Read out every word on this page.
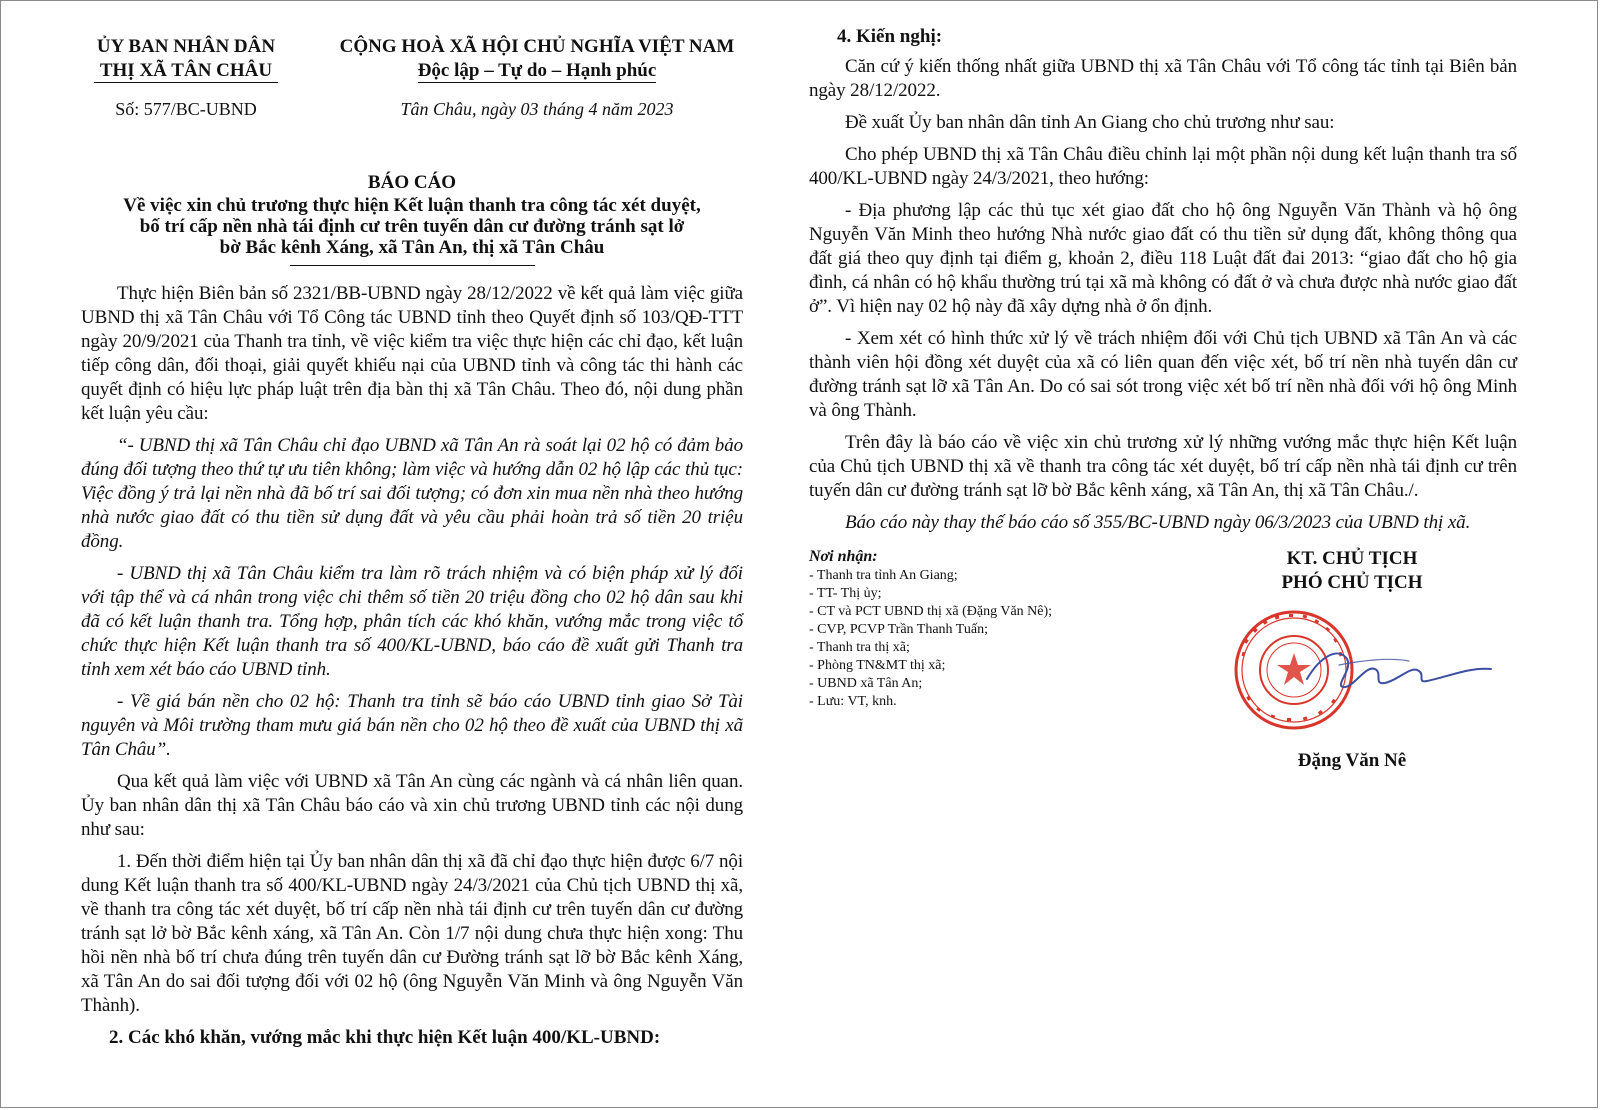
ỦY BAN NHÂN DÂN
THỊ XÃ TÂN CHÂU
Số: 577/BC-UBND
CỘNG HOÀ XÃ HỘI CHỦ NGHĨA VIỆT NAM
Độc lập – Tự do – Hạnh phúc
Tân Châu, ngày 03 tháng 4 năm 2023
BÁO CÁO
Về việc xin chủ trương thực hiện Kết luận thanh tra công tác xét duyệt,
bố trí cấp nền nhà tái định cư trên tuyến dân cư đường tránh sạt lở
bờ Bắc kênh Xáng, xã Tân An, thị xã Tân Châu

Thực hiện Biên bản số 2321/BB-UBND ngày 28/12/2022 về kết quả làm việc giữa UBND thị xã Tân Châu với Tổ Công tác UBND tỉnh theo Quyết định số 103/QĐ-TTT ngày 20/9/2021 của Thanh tra tỉnh, về việc kiểm tra việc thực hiện các chỉ đạo, kết luận tiếp công dân, đối thoại, giải quyết khiếu nại của UBND tỉnh và công tác thi hành các quyết định có hiệu lực pháp luật trên địa bàn thị xã Tân Châu. Theo đó, nội dung phần kết luận yêu cầu:

“- UBND thị xã Tân Châu chỉ đạo UBND xã Tân An rà soát lại 02 hộ có đảm bảo đúng đối tượng theo thứ tự ưu tiên không; làm việc và hướng dẫn 02 hộ lập các thủ tục: Việc đồng ý trả lại nền nhà đã bố trí sai đối tượng; có đơn xin mua nền nhà theo hướng nhà nước giao đất có thu tiền sử dụng đất và yêu cầu phải hoàn trả số tiền 20 triệu đồng.

- UBND thị xã Tân Châu kiểm tra làm rõ trách nhiệm và có biện pháp xử lý đối với tập thể và cá nhân trong việc chi thêm số tiền 20 triệu đồng cho 02 hộ dân sau khi đã có kết luận thanh tra. Tổng hợp, phân tích các khó khăn, vướng mắc trong việc tổ chức thực hiện Kết luận thanh tra số 400/KL-UBND, báo cáo đề xuất gửi Thanh tra tỉnh xem xét báo cáo UBND tỉnh.

- Về giá bán nền cho 02 hộ: Thanh tra tỉnh sẽ báo cáo UBND tỉnh giao Sở Tài nguyên và Môi trường tham mưu giá bán nền cho 02 hộ theo đề xuất của UBND thị xã Tân Châu”.

Qua kết quả làm việc với UBND xã Tân An cùng các ngành và cá nhân liên quan. Ủy ban nhân dân thị xã Tân Châu báo cáo và xin chủ trương UBND tỉnh các nội dung như sau:

1. Đến thời điểm hiện tại Ủy ban nhân dân thị xã đã chỉ đạo thực hiện được 6/7 nội dung Kết luận thanh tra số 400/KL-UBND ngày 24/3/2021 của Chủ tịch UBND thị xã, về thanh tra công tác xét duyệt, bố trí cấp nền nhà tái định cư trên tuyến dân cư đường tránh sạt lở bờ Bắc kênh xáng, xã Tân An. Còn 1/7 nội dung chưa thực hiện xong: Thu hồi nền nhà bố trí chưa đúng trên tuyến dân cư Đường tránh sạt lỡ bờ Bắc kênh Xáng, xã Tân An do sai đối tượng đối với 02 hộ (ông Nguyễn Văn Minh và ông Nguyễn Văn Thành).

2. Các khó khăn, vướng mắc khi thực hiện Kết luận 400/KL-UBND:
4. Kiến nghị:

Căn cứ ý kiến thống nhất giữa UBND thị xã Tân Châu với Tổ công tác tỉnh tại Biên bản ngày 28/12/2022.

Đề xuất Ủy ban nhân dân tỉnh An Giang cho chủ trương như sau:

Cho phép UBND thị xã Tân Châu điều chỉnh lại một phần nội dung kết luận thanh tra số 400/KL-UBND ngày 24/3/2021, theo hướng:

- Địa phương lập các thủ tục xét giao đất cho hộ ông Nguyễn Văn Thành và hộ ông Nguyễn Văn Minh theo hướng Nhà nước giao đất có thu tiền sử dụng đất, không thông qua đất giá theo quy định tại điểm g, khoản 2, điều 118 Luật đất đai 2013: “giao đất cho hộ gia đình, cá nhân có hộ khẩu thường trú tại xã mà không có đất ở và chưa được nhà nước giao đất ở”. Vì hiện nay 02 hộ này đã xây dựng nhà ở ổn định.

- Xem xét có hình thức xử lý về trách nhiệm đối với Chủ tịch UBND xã Tân An và các thành viên hội đồng xét duyệt của xã có liên quan đến việc xét, bố trí nền nhà tuyến dân cư đường tránh sạt lỡ xã Tân An. Do có sai sót trong việc xét bố trí nền nhà đối với hộ ông Minh và ông Thành.

Trên đây là báo cáo về việc xin chủ trương xử lý những vướng mắc thực hiện Kết luận của Chủ tịch UBND thị xã về thanh tra công tác xét duyệt, bố trí cấp nền nhà tái định cư trên tuyến dân cư đường tránh sạt lỡ bờ Bắc kênh xáng, xã Tân An, thị xã Tân Châu./.

Báo cáo này thay thế báo cáo số 355/BC-UBND ngày 06/3/2023 của UBND thị xã.

Nơi nhận:
- Thanh tra tỉnh An Giang;
- TT- Thị ủy;
- CT và PCT UBND thị xã (Đặng Văn Nê);
- CVP, PCVP Trần Thanh Tuấn;
- Thanh tra thị xã;
- Phòng TN&MT thị xã;
- UBND xã Tân An;
- Lưu: VT, knh.
KT. CHỦ TỊCH
PHÓ CHỦ TỊCH
Đặng Văn Nê
